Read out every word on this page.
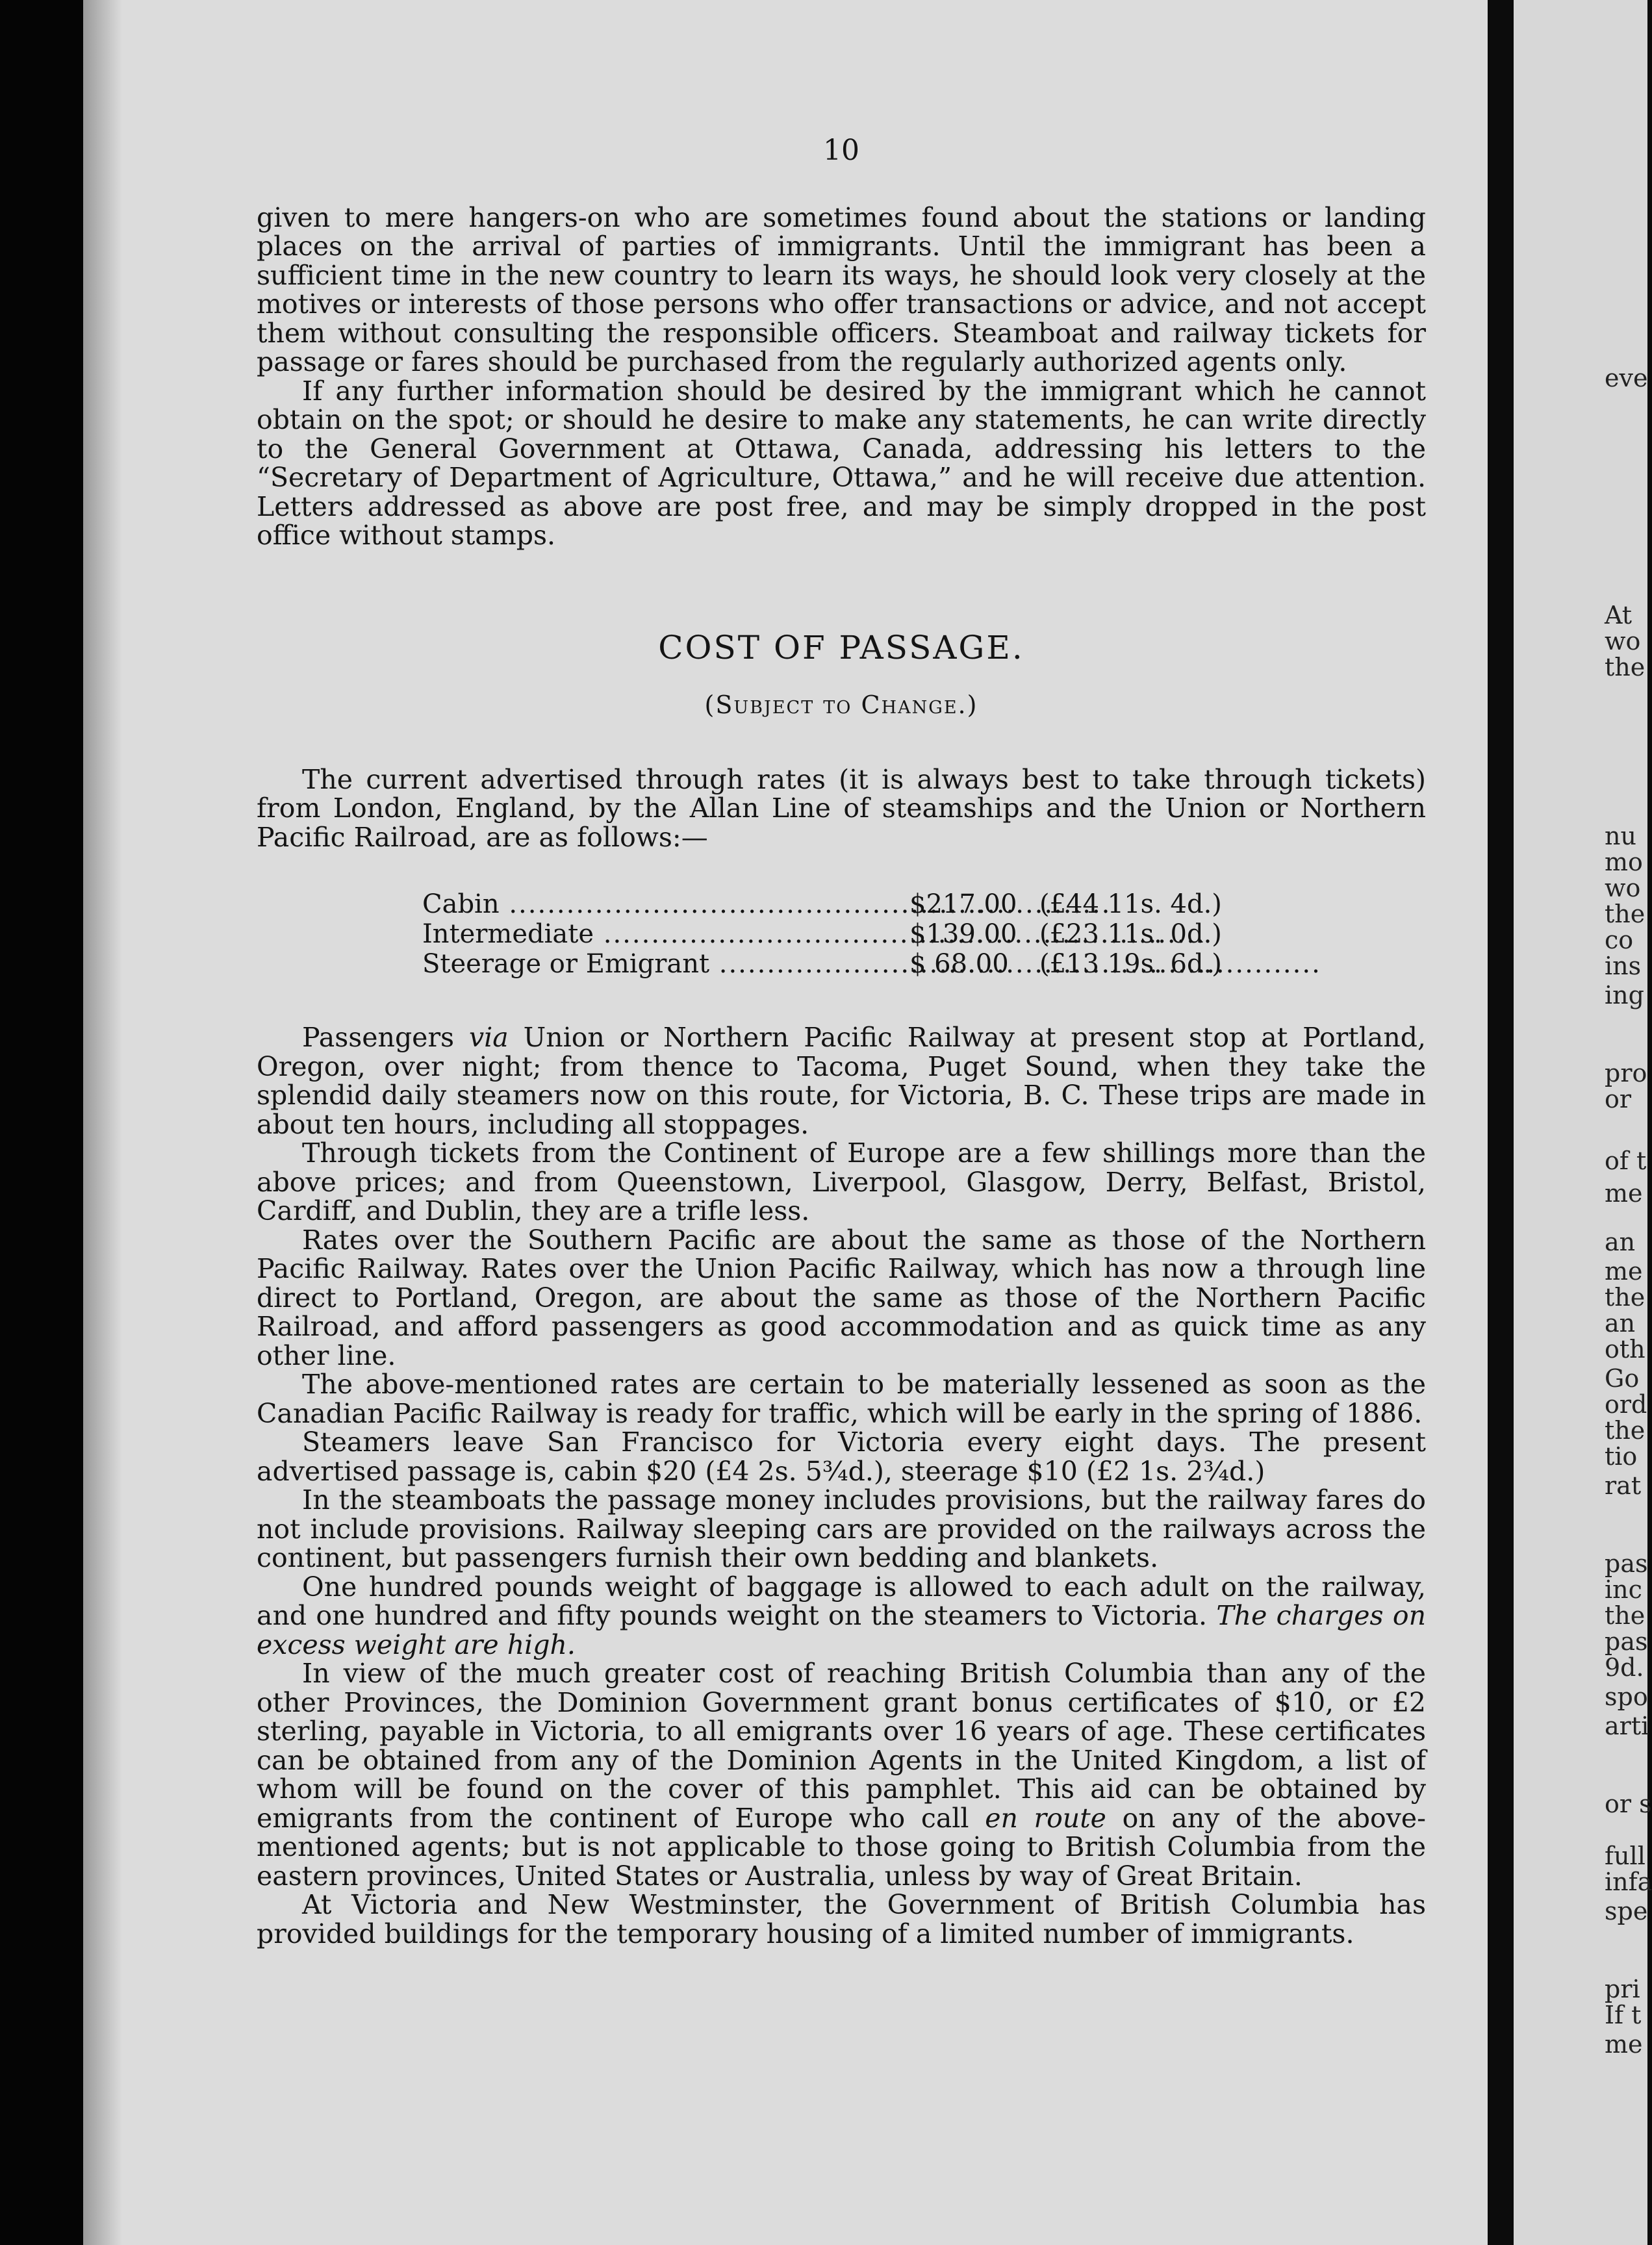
eve
At
wo
the
nu
mo
wo
the
co
ins
ing
pro
or
of t
me
an
me
the
an
oth
Go
ord
the
tio
rat
pas
inc
the
pas
9d.
spo
arti
or s
full
infa
spe
pri
If t
me
10

given to mere hangers-on who are sometimes found about the stations or landing places on the arrival of parties of immigrants. Until the immigrant has been a sufficient time in the new country to learn its ways, he should look very closely at the motives or interests of those persons who offer transactions or advice, and not accept them without consulting the responsible officers. Steamboat and railway tickets for passage or fares should be purchased from the regularly authorized agents only.

If any further information should be desired by the immigrant which he cannot obtain on the spot; or should he desire to make any statements, he can write directly to the General Government at Ottawa, Canada, addressing his letters to the “Secretary of Department of Agriculture, Ottawa,” and he will receive due attention. Letters addressed as above are post free, and may be simply dropped in the post office without stamps.

COST OF PASSAGE.
(Subject to Change.)

The current advertised through rates (it is always best to take through tickets) from London, England, by the Allan Line of steamships and the Union or Northern Pacific Railroad, are as follows:—

Cabin .....	$217.00 (£44 11s. 4d.)
Intermediate .....	$139.00 (£23 11s. 0d.)
Steerage or Emigrant .....	$ 68.00	(£13 19s. 6d.)

Passengers via Union or Northern Pacific Railway at present stop at Portland, Oregon, over night; from thence to Tacoma, Puget Sound, when they take the splendid daily steamers now on this route, for Victoria, B. C. These trips are made in about ten hours, including all stoppages.

Through tickets from the Continent of Europe are a few shillings more than the above prices; and from Queenstown, Liverpool, Glasgow, Derry, Belfast, Bristol, Cardiff, and Dublin, they are a trifle less.

Rates over the Southern Pacific are about the same as those of the Northern Pacific Railway. Rates over the Union Pacific Railway, which has now a through line direct to Portland, Oregon, are about the same as those of the Northern Pacific Railroad, and afford passengers as good accommodation and as quick time as any other line.

The above-mentioned rates are certain to be materially lessened as soon as the Canadian Pacific Railway is ready for traffic, which will be early in the spring of 1886.

Steamers leave San Francisco for Victoria every eight days. The present advertised passage is, cabin $20 (£4 2s. 5¾d.), steerage $10 (£2 1s. 2¾d.)

In the steamboats the passage money includes provisions, but the railway fares do not include provisions. Railway sleeping cars are provided on the railways across the continent, but passengers furnish their own bedding and blankets.

One hundred pounds weight of baggage is allowed to each adult on the railway, and one hundred and fifty pounds weight on the steamers to Victoria. The charges on excess weight are high.

In view of the much greater cost of reaching British Columbia than any of the other Provinces, the Dominion Government grant bonus certificates of $10, or £2 sterling, payable in Victoria, to all emigrants over 16 years of age. These certificates can be obtained from any of the Dominion Agents in the United Kingdom, a list of whom will be found on the cover of this pamphlet. This aid can be obtained by emigrants from the continent of Europe who call en route on any of the above-mentioned agents; but is not applicable to those going to British Columbia from the eastern provinces, United States or Australia, unless by way of Great Britain.

At Victoria and New Westminster, the Government of British Columbia has provided buildings for the temporary housing of a limited number of immigrants.
